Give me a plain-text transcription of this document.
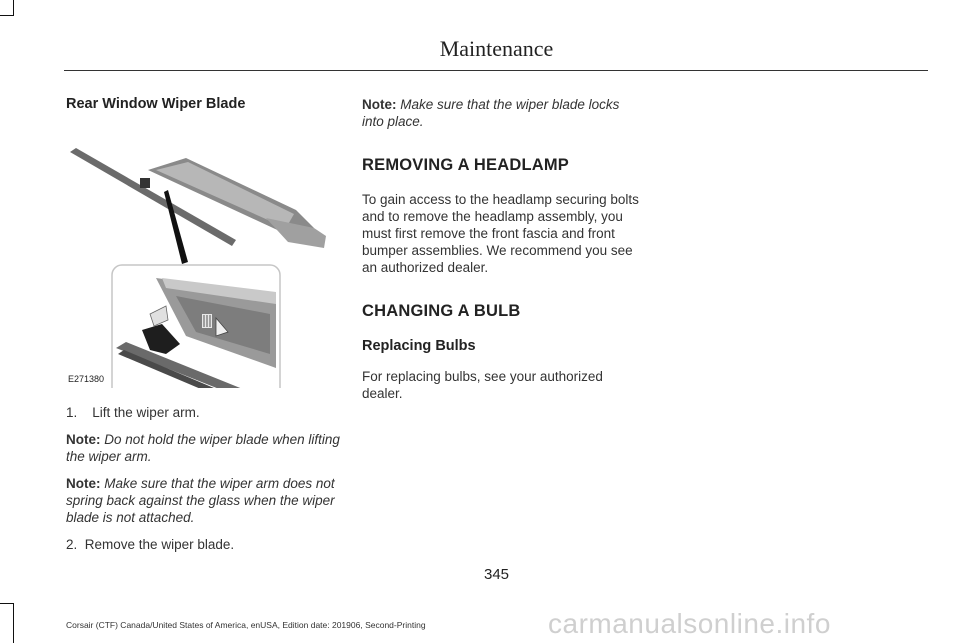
Maintenance
Rear Window Wiper Blade
E271380

1. Lift the wiper arm.

Note: Do not hold the wiper blade when lifting the wiper arm.

Note: Make sure that the wiper arm does not spring back against the glass when the wiper blade is not attached.

2. Remove the wiper blade.

Note: Make sure that the wiper blade locks into place.

REMOVING A HEADLAMP

To gain access to the headlamp securing bolts and to remove the headlamp assembly, you must first remove the front fascia and front bumper assemblies. We recommend you see an authorized dealer.

CHANGING A BULB
Replacing Bulbs

For replacing bulbs, see your authorized dealer.

345
Corsair (CTF) Canada/United States of America, enUSA, Edition date: 201906, Second-Printing	carmanualsonline.info
